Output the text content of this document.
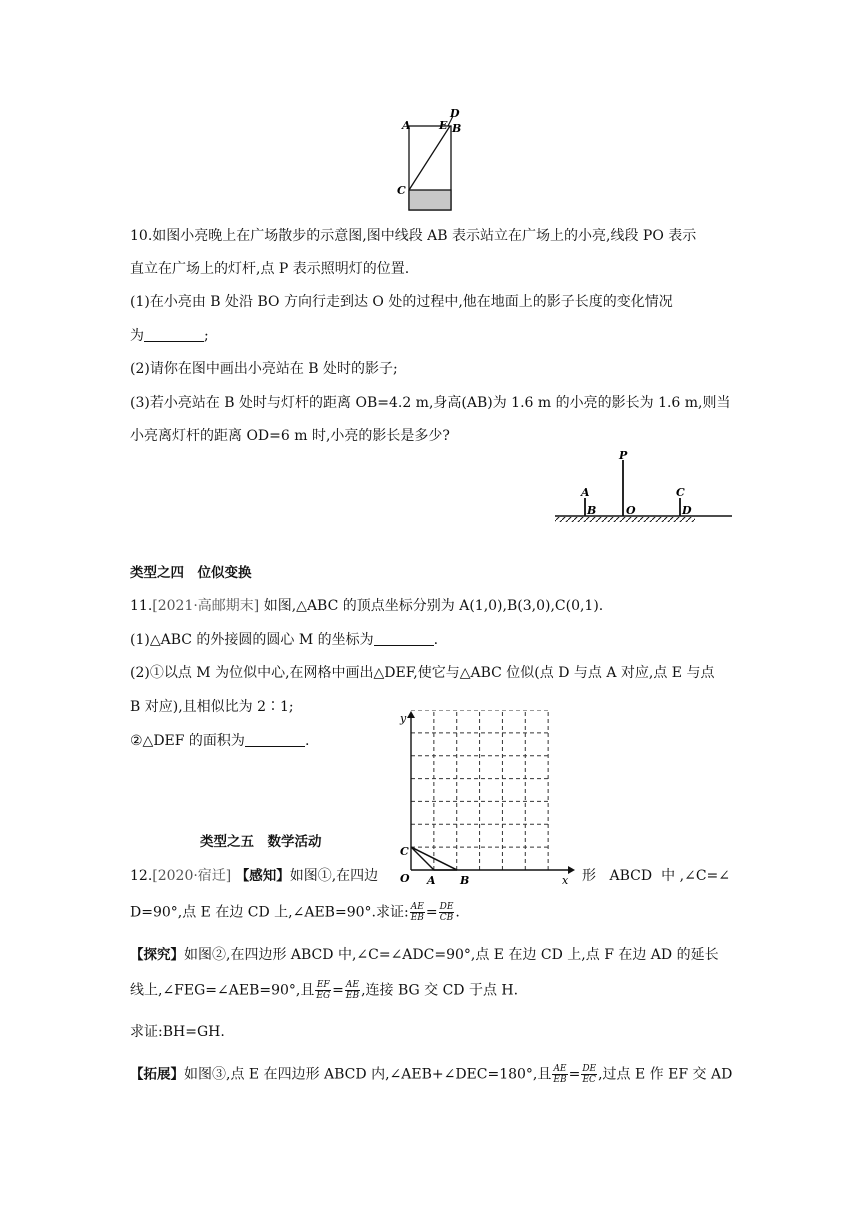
A	E
D
B
C
10.如图小亮晚上在广场散步的示意图,图中线段 AB 表示站立在广场上的小亮,线段 PO 表示
直立在广场上的灯杆,点 P 表示照明灯的位置.
(1)在小亮由 B 处沿 BO 方向行走到达 O 处的过程中,他在地面上的影子长度的变化情况
为	;
(2)请你在图中画出小亮站在 B 处时的影子;
(3)若小亮站在 B 处时与灯杆的距离 OB=4.2 m,身高(AB)为 1.6 m 的小亮的影长为 1.6 m,则当
小亮离灯杆的距离 OD=6 m 时,小亮的影长是多少?
P
A
B	O
C
D
类型之四　位似变换
11.[2021·高邮期末] 如图,△ABC 的顶点坐标分别为 A(1,0),B(3,0),C(0,1).
(1)△ABC 的外接圆的圆心 M 的坐标为	.
(2)①以点 M 为位似中心,在网格中画出△DEF,使它与△ABC 位似(点 D 与点 A 对应,点 E 与点
B 对应),且相似比为 2∶1;
②△DEF 的面积为	.
y
x
O
C
A B
类型之五　数学活动
12.[2020·宿迁] 【感知】如图①,在四边	形 ABCD 中,∠C=∠
D=90°,点 E 在边 CD 上,∠AEB=90°.求证: $\frac{AE}{EB} = \frac{DE}{CB}$ .
【探究】如图②,在四边形 ABCD 中,∠C=∠ADC=90°,点 E 在边 CD 上,点 F 在边 AD 的延长
线上,∠FEG=∠AEB=90°,且 $\frac{EF}{EG} = \frac{AE}{EB}$ ,连接 BG 交 CD 于点 H.
求证:BH=GH.
【拓展】如图③,点 E 在四边形 ABCD 内,∠AEB+∠DEC=180°,且 $\frac{AE}{EB} = \frac{DE}{EC}$ ,过点 E 作 EF 交 AD
